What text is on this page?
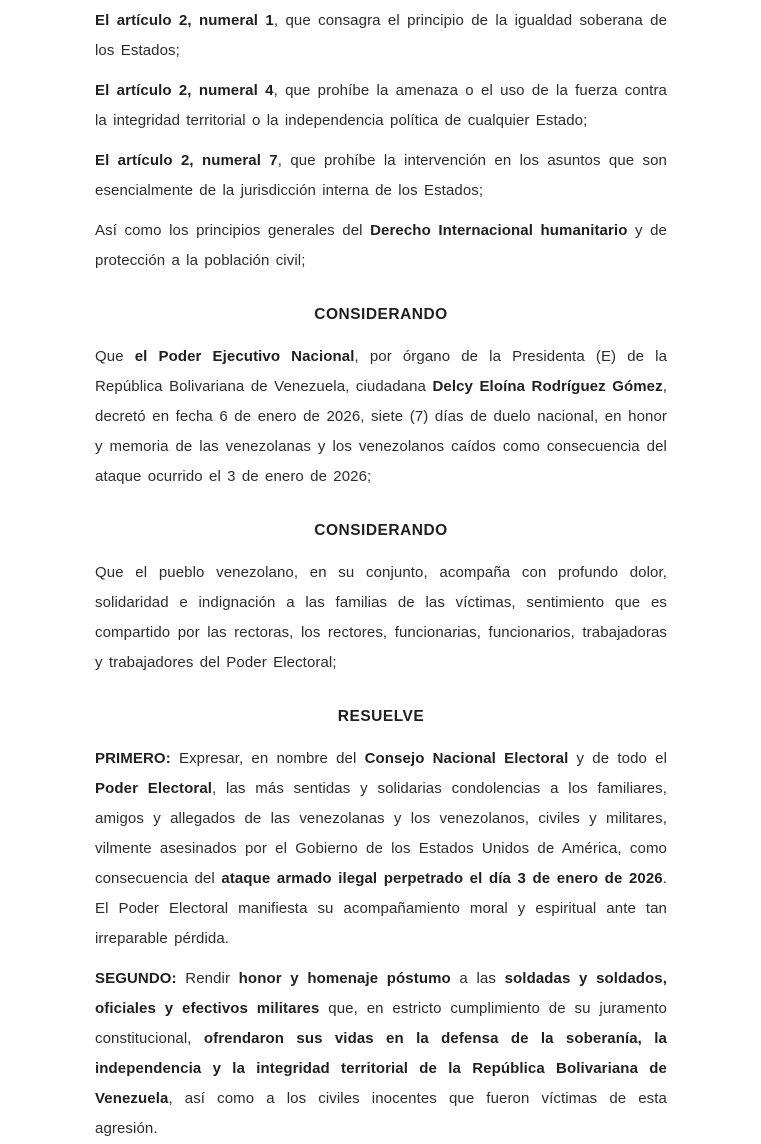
El artículo 2, numeral 1, que consagra el principio de la igualdad soberana de los Estados;

El artículo 2, numeral 4, que prohíbe la amenaza o el uso de la fuerza contra la integridad territorial o la independencia política de cualquier Estado;

El artículo 2, numeral 7, que prohíbe la intervención en los asuntos que son esencialmente de la jurisdicción interna de los Estados;

Así como los principios generales del Derecho Internacional humanitario y de protección a la población civil;

CONSIDERANDO

Que el Poder Ejecutivo Nacional, por órgano de la Presidenta (E) de la República Bolivariana de Venezuela, ciudadana Delcy Eloína Rodríguez Gómez, decretó en fecha 6 de enero de 2026, siete (7) días de duelo nacional, en honor y memoria de las venezolanas y los venezolanos caídos como consecuencia del ataque ocurrido el 3 de enero de 2026;

CONSIDERANDO

Que el pueblo venezolano, en su conjunto, acompaña con profundo dolor, solidaridad e indignación a las familias de las víctimas, sentimiento que es compartido por las rectoras, los rectores, funcionarias, funcionarios, trabajadoras y trabajadores del Poder Electoral;

RESUELVE

PRIMERO: Expresar, en nombre del Consejo Nacional Electoral y de todo el Poder Electoral, las más sentidas y solidarias condolencias a los familiares, amigos y allegados de las venezolanas y los venezolanos, civiles y militares, vilmente asesinados por el Gobierno de los Estados Unidos de América, como consecuencia del ataque armado ilegal perpetrado el día 3 de enero de 2026. El Poder Electoral manifiesta su acompañamiento moral y espiritual ante tan irreparable pérdida.

SEGUNDO: Rendir honor y homenaje póstumo a las soldadas y soldados, oficiales y efectivos militares que, en estricto cumplimiento de su juramento constitucional, ofrendaron sus vidas en la defensa de la soberanía, la independencia y la integridad territorial de la República Bolivariana de Venezuela, así como a los civiles inocentes que fueron víctimas de esta agresión.
